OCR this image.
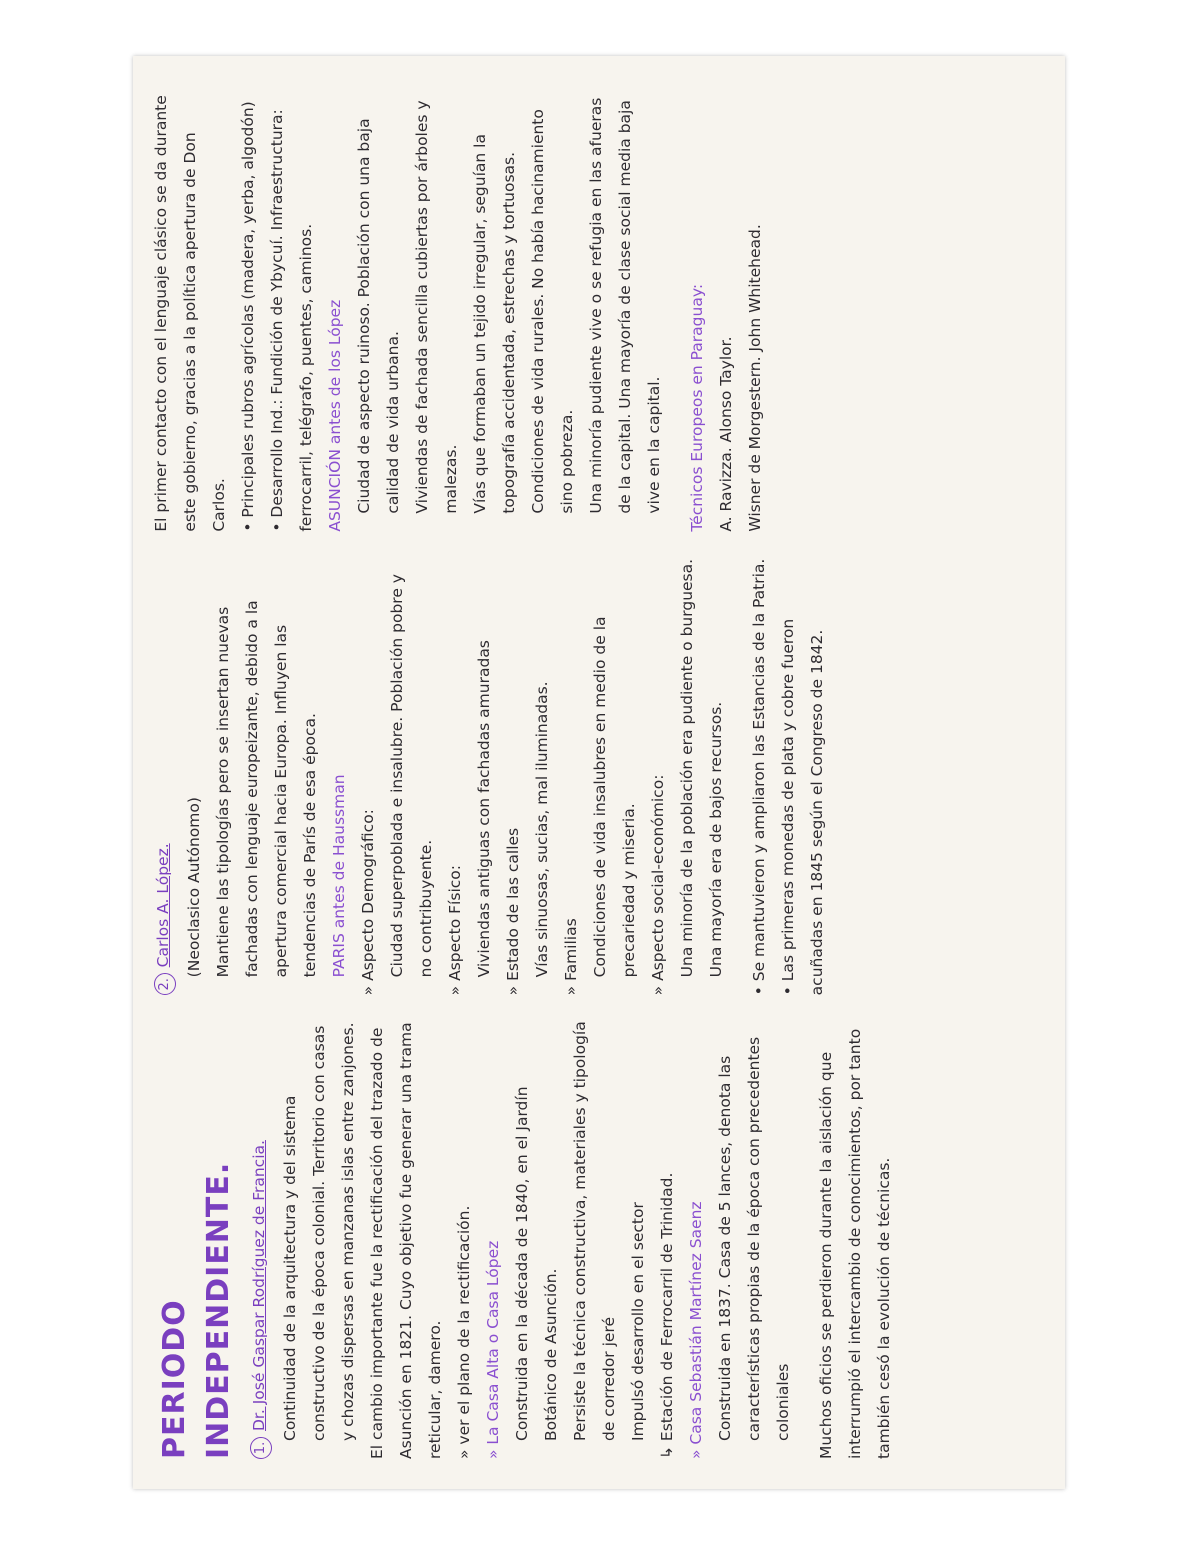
PERIODO INDEPENDIENTE.	1.Dr. José Gaspar Rodríguez de Francia. Continuidad de la arquitectura y del sistema constructivo de la época colonial. Territorio con casas y chozas dispersas en manzanas islas entre zanjones. El cambio importante fue la rectificación del trazado de Asunción en 1821. Cuyo objetivo fue generar una trama reticular, damero. » ver el plano de la rectificación. » La Casa Alta o Casa López Construida en la década de 1840, en el Jardín Botánico de Asunción. Persiste la técnica constructiva, materiales y tipología de corredor jeré Impulsó desarrollo en el sector ↳ Estación de Ferrocarril de Trinidad. » Casa Sebastián Martínez Saenz Construida en 1837. Casa de 5 lances, denota las características propias de la época con precedentes coloniales	Muchos oficios se perdieron durante la aislación que interrumpió el intercambio de conocimientos, por tanto también cesó la evolución de técnicas.

2.Carlos A. López. (Neoclasico Autónomo) Mantiene las tipologías pero se insertan nuevas fachadas con lenguaje europeizante, debido a la apertura comercial hacia Europa. Influyen las tendencias de París de esa época. PARIS antes de Haussman » Aspecto Demográfico: Ciudad superpoblada e insalubre. Población pobre y no contribuyente. » Aspecto Físico: Viviendas antiguas con fachadas amuradas » Estado de las calles Vías sinuosas, sucias, mal iluminadas. » Familias Condiciones de vida insalubres en medio de la precariedad y miseria. » Aspecto social-económico: Una minoría de la población era pudiente o burguesa. Una mayoría era de bajos recursos.	• Se mantuvieron y ampliaron las Estancias de la Patria. • Las primeras monedas de plata y cobre fueron acuñadas en 1845 según el Congreso de 1842.

El primer contacto con el lenguaje clásico se da durante este gobierno, gracias a la política apertura de Don Carlos. • Principales rubros agrícolas (madera, yerba, algodón) • Desarrollo Ind.: Fundición de Ybycuí. Infraestructura: ferrocarril, telégrafo, puentes, caminos. ASUNCIÓN antes de los López Ciudad de aspecto ruinoso. Población con una baja calidad de vida urbana. Viviendas de fachada sencilla cubiertas por árboles y malezas. Vías que formaban un tejido irregular, seguían la topografía accidentada, estrechas y tortuosas. Condiciones de vida rurales. No había hacinamiento sino pobreza. Una minoría pudiente vive o se refugia en las afueras de la capital. Una mayoría de clase social media baja vive en la capital.	Técnicos Europeos en Paraguay: A. Ravizza. Alonso Taylor. Wisner de Morgestern. John Whitehead.
